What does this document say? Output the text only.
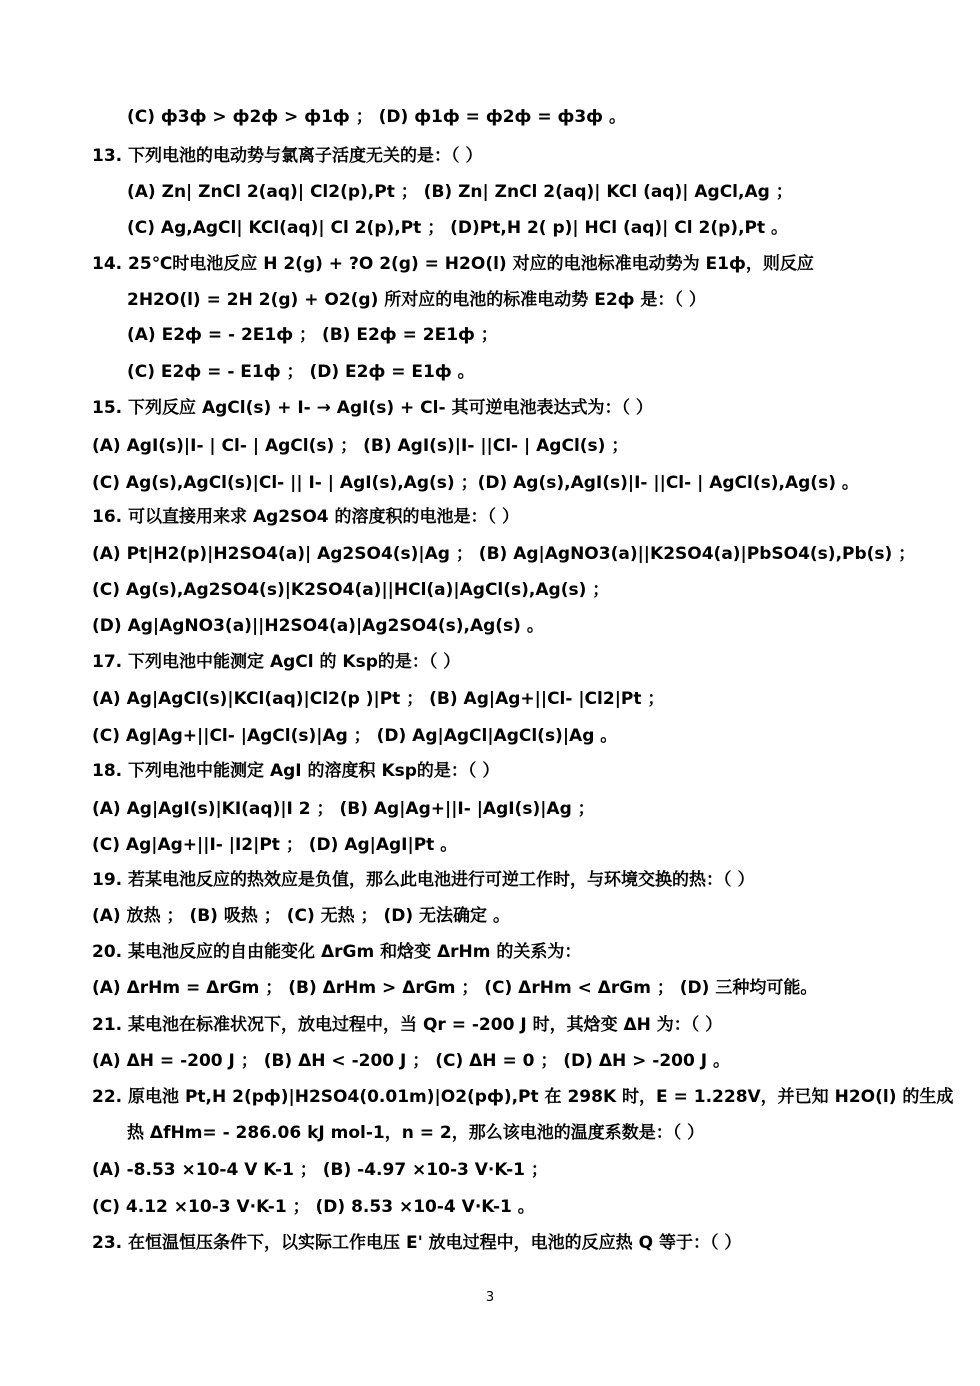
(C) ф3ф > ф2ф > ф1ф ； (D) ф1ф = ф2ф = ф3ф 。
13. 下列电池的电动势与氯离子活度无关的是：（ ）
(A) Zn| ZnCl 2(aq)| Cl2(p),Pt ； (B) Zn| ZnCl 2(aq)| KCl (aq)| AgCl,Ag ；
(C) Ag,AgCl| KCl(aq)| Cl 2(p),Pt ； (D)Pt,H 2( p)| HCl (aq)| Cl 2(p),Pt 。
14. 25℃时电池反应 H 2(g) + ?O 2(g) = H2O(l) 对应的电池标准电动势为 E1ф，则反应
2H2O(l) = 2H 2(g) + O2(g) 所对应的电池的标准电动势 E2ф 是：（ ）
(A) E2ф = - 2E1ф ； (B) E2ф = 2E1ф ；
(C) E2ф = - E1ф ； (D) E2ф = E1ф 。
15. 下列反应 AgCl(s) + I- → AgI(s) + Cl- 其可逆电池表达式为：（ ）
(A) AgI(s)|I- | Cl- | AgCl(s) ； (B) AgI(s)|I- ||Cl- | AgCl(s) ；
(C) Ag(s),AgCl(s)|Cl- || I- | AgI(s),Ag(s) ；(D) Ag(s),AgI(s)|I- ||Cl- | AgCl(s),Ag(s) 。
16. 可以直接用来求 Ag2SO4 的溶度积的电池是：（ ）
(A) Pt|H2(p)|H2SO4(a)| Ag2SO4(s)|Ag ； (B) Ag|AgNO3(a)||K2SO4(a)|PbSO4(s),Pb(s) ；
(C) Ag(s),Ag2SO4(s)|K2SO4(a)||HCl(a)|AgCl(s),Ag(s) ；
(D) Ag|AgNO3(a)||H2SO4(a)|Ag2SO4(s),Ag(s) 。
17. 下列电池中能测定 AgCl 的 Ksp的是：（ ）
(A) Ag|AgCl(s)|KCl(aq)|Cl2(p )|Pt ； (B) Ag|Ag+||Cl- |Cl2|Pt ；
(C) Ag|Ag+||Cl- |AgCl(s)|Ag ； (D) Ag|AgCl|AgCl(s)|Ag 。
18. 下列电池中能测定 AgI 的溶度积 Ksp的是：（ ）
(A) Ag|AgI(s)|KI(aq)|I 2 ； (B) Ag|Ag+||I- |AgI(s)|Ag ；
(C) Ag|Ag+||I- |I2|Pt ； (D) Ag|AgI|Pt 。
19. 若某电池反应的热效应是负值，那么此电池进行可逆工作时，与环境交换的热：（ ）
(A) 放热 ； (B) 吸热 ； (C) 无热 ； (D) 无法确定 。
20. 某电池反应的自由能变化 ΔrGm 和焓变 ΔrHm 的关系为：
(A) ΔrHm = ΔrGm ； (B) ΔrHm > ΔrGm ； (C) ΔrHm < ΔrGm ； (D) 三种均可能。
21. 某电池在标准状况下，放电过程中，当 Qr = -200 J 时，其焓变 ΔH 为：（ ）
(A) ΔH = -200 J ； (B) ΔH < -200 J ； (C) ΔH = 0 ； (D) ΔH > -200 J 。
22. 原电池 Pt,H 2(pф)|H2SO4(0.01m)|O2(pф),Pt 在 298K 时，E = 1.228V，并已知 H2O(l) 的生成
热 ΔfHm= - 286.06 kJ mol-1，n = 2，那么该电池的温度系数是：（ ）
(A) -8.53 ×10-4 V K-1 ； (B) -4.97 ×10-3 V·K-1 ；
(C) 4.12 ×10-3 V·K-1 ； (D) 8.53 ×10-4 V·K-1 。
23. 在恒温恒压条件下，以实际工作电压 E' 放电过程中，电池的反应热 Q 等于：（ ）
3
